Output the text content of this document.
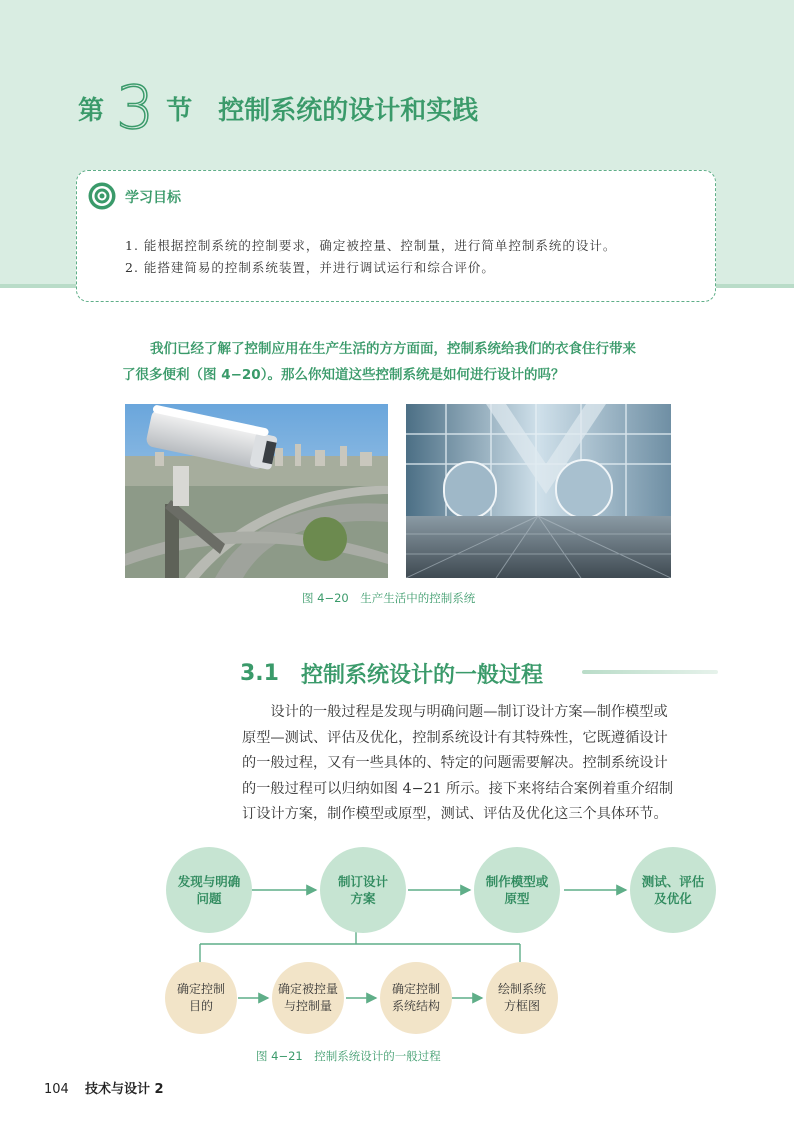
第 3 节 控制系统的设计和实践
学习目标
1. 能根据控制系统的控制要求，确定被控量、控制量，进行简单控制系统的设计。
2. 能搭建简易的控制系统装置，并进行调试运行和综合评价。
我们已经了解了控制应用在生产生活的方方面面，控制系统给我们的衣食住行带来
了很多便利（图 4−20）。那么你知道这些控制系统是如何进行设计的吗？
图 4−20　生产生活中的控制系统
3.1 控制系统设计的一般过程
　　设计的一般过程是发现与明确问题—制订设计方案—制作模型或
原型—测试、评估及优化，控制系统设计有其特殊性，它既遵循设计
的一般过程，又有一些具体的、特定的问题需要解决。控制系统设计
的一般过程可以归纳如图 4−21 所示。接下来将结合案例着重介绍制
订设计方案，制作模型或原型，测试、评估及优化这三个具体环节。
发现与明确
问题
制订设计
方案
制作模型或
原型
测试、评估
及优化
确定控制
目的
确定被控量
与控制量
确定控制
系统结构
绘制系统
方框图
图 4−21　控制系统设计的一般过程
104 技术与设计 2
